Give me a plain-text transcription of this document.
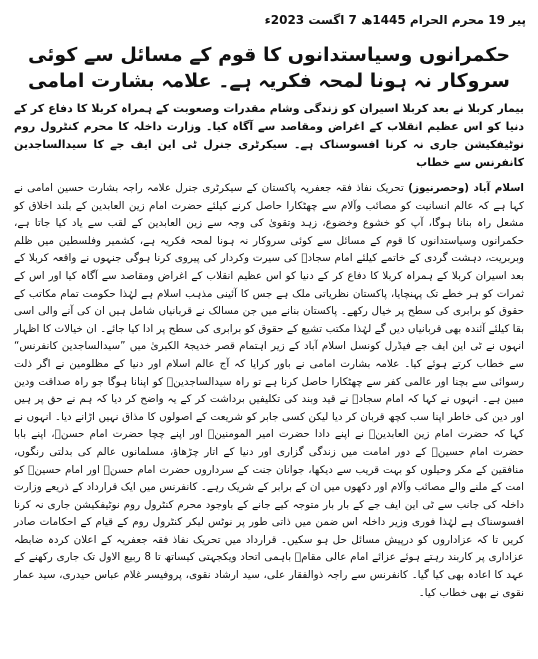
پیر 19 محرم الحرام 1445ھ 7 اگست 2023ء
حکمرانوں وسیاستدانوں کا قوم کے مسائل سے کوئی سروکار نہ ہونا لمحہ فکریہ ہے۔ علامہ بشارت امامی
بیمار کربلا نے بعد کربلا اسیران کو زندگی وشام مقدرات وصعوبت کے ہمراہ کربلا کا دفاع کر کے دنیا کو اس عظیم انقلاب کے اغراض ومقاصد سے آگاہ کیا۔ وزارت داخلہ کا محرم کنٹرول روم نوٹیفکیشن جاری نہ کرنا افسوسناک ہے۔ سیکرٹری جنرل ٹی این ایف جے کا سیدالساجدین کانفرنس سے خطاب
اسلام آباد (وحصرنیوز) تحریک نفاذ فقہ جعفریہ پاکستان کے سیکرٹری جنرل علامہ راجہ بشارت حسین امامی نے کہا ہے کہ عالم انسانیت کو مصائب وآلام سے چھٹکارا حاصل کرنے کیلئے حضرت امام زین العابدین کے بلند اخلاق کو مشعل راہ بنانا ہوگا، آپ کو خشوع وخضوع، زہد وتقویٰ کی وجہ سے زین العابدین کے لقب سے یاد کیا جاتا ہے، حکمرانوں وسیاستدانوں کا قوم کے مسائل سے کوئی سروکار نہ ہونا لمحہ فکریہ ہے، کشمیر وفلسطین میں ظلم وبربریت، دہشت گردی کے خاتمے کیلئے امام سجادؑ کی سیرت وکردار کی پیروی کرنا ہوگی جنہوں نے واقعہ کربلا کے بعد اسیران کربلا کے ہمراہ کربلا کا دفاع کر کے دنیا کو اس عظیم انقلاب کے اغراض ومقاصد سے آگاہ کیا اور اس کے ثمرات کو ہر خطے تک پہنچایا، پاکستان نظریاتی ملک ہے جس کا آئینی مذہب اسلام ہے لہٰذا حکومت تمام مکاتب کے حقوق کو برابری کی سطح پر خیال رکھے۔ پاکستان بنانے میں جن مسالک نے قربانیاں شامل ہیں ان کی آنے والی اسی بقا کیلئے آئندہ بھی قربانیاں دیں گے لہٰذا مکتب تشیع کے حقوق کو برابری کی سطح پر ادا کیا جائے۔ ان خیالات کا اظہار انہوں نے ٹی این ایف جے فیڈرل کونسل اسلام آباد کے زیر اہتمام قصر خدیجۃ الکبریٰ میں ”سیدالساجدین کانفرنس“ سے خطاب کرتے ہوئے کیا۔ علامہ بشارت امامی نے باور کرایا کہ آج عالم اسلام اور دنیا کے مظلومین نے اگر ذلت رسوائی سے بچنا اور عالمی کفر سے چھٹکارا حاصل کرنا ہے تو راہ سیدالساجدینؑ کو اپنانا ہوگا جو راہ صداقت ودین مبین ہے۔ انہوں نے کہا کہ امام سجادؑ نے قید وبند کی تکلیفیں برداشت کر کے یہ واضح کر دیا کہ ہم نے حق پر ہیں اور دین کی خاطر اپنا سب کچھ قربان کر دیا لیکن کسی جابر کو شریعت کے اصولوں کا مذاق نہیں اڑانے دیا۔ انہوں نے کہا کہ حضرت امام زین العابدینؑ نے اپنے دادا حضرت امیر المومنینؑ اور اپنے چچا حضرت امام حسنؑ، اپنے بابا حضرت امام حسینؑ کے دور امامت میں زندگی گزاری اور دنیا کے اتار چڑھاؤ، مسلمانوں عالم کی بدلتی رنگوں، منافقین کے مکر وحیلوں کو بہت قریب سے دیکھا، جوانان جنت کے سرداروں حضرت امام حسنؑ اور امام حسینؑ کو امت کے ملنے والے مصائب وآلام اور دکھوں میں ان کے برابر کے شریک رہے۔ کانفرنس میں ایک قرارداد کے ذریعے وزارت داخلہ کی جانب سے ٹی این ایف جے کے بار بار متوجہ کیے جانے کے باوجود محرم کنٹرول روم نوٹیفکیشن جاری نہ کرنا افسوسناک ہے لہٰذا فوری وزیر داخلہ اس ضمن میں ذاتی طور پر نوٹس لیکر کنٹرول روم کے قیام کے احکامات صادر کریں تا کہ عزاداروں کو درپیش مسائل حل ہو سکیں۔ قرارداد میں تحریک نفاذ فقہ جعفریہ کے اعلان کردہ ضابطہ عزاداری پر کاربند رہتے ہوئے عزائے امام عالی مقامؑ باہمی اتحاد ویکجہتی کیساتھ تا 8 ربیع الاول تک جاری رکھنے کے عہد کا اعادہ بھی کیا گیا۔ کانفرنس سے راجہ ذوالفقار علی، سید ارشاد نقوی، پروفیسر غلام عباس حیدری، سید عمار نقوی نے بھی خطاب کیا۔
